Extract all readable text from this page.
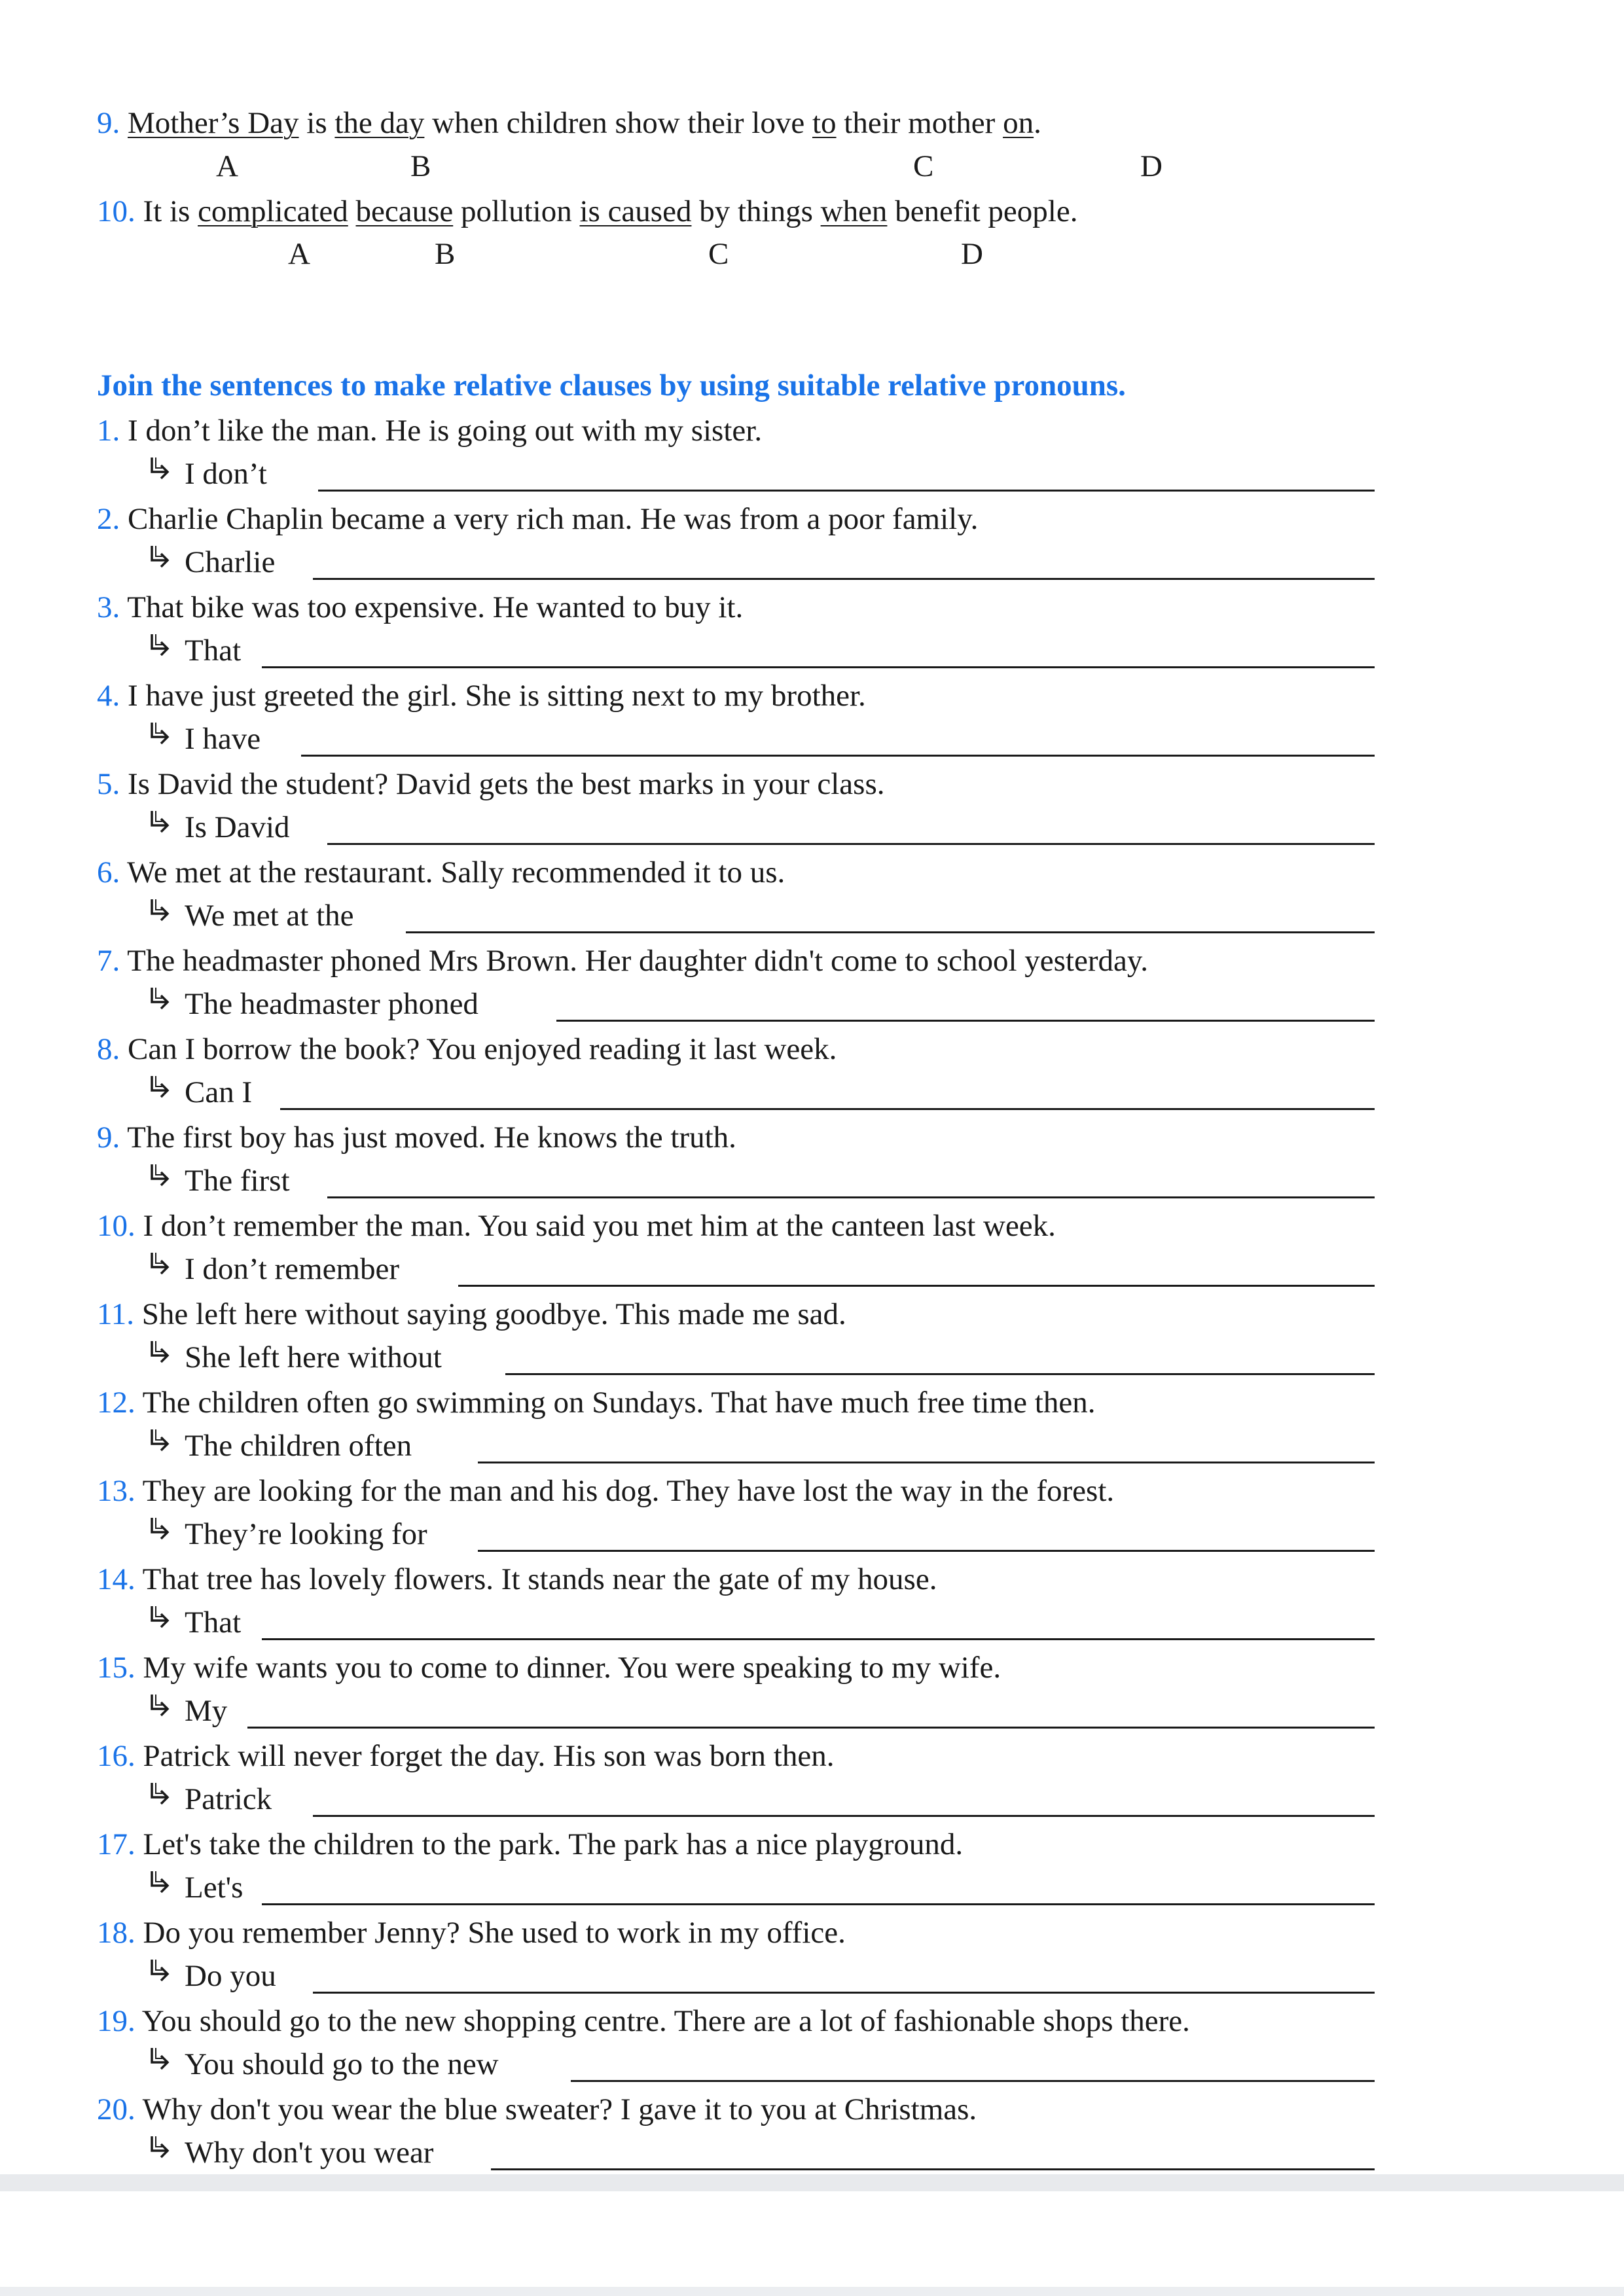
9. Mother’s Day is the day when children show their love to their mother on.
A	B	C	D
10. It is complicated because pollution is caused by things when benefit people.
A	B	C	D
Join the sentences to make relative clauses by using suitable relative pronouns.
1. I don’t like the man. He is going out with my sister.
I don’t
2. Charlie Chaplin became a very rich man. He was from a poor family.
Charlie
3. That bike was too expensive. He wanted to buy it.
That
4. I have just greeted the girl. She is sitting next to my brother.
I have
5. Is David the student? David gets the best marks in your class.
Is David
6. We met at the restaurant. Sally recommended it to us.
We met at the
7. The headmaster phoned Mrs Brown. Her daughter didn't come to school yesterday.
The headmaster phoned
8. Can I borrow the book? You enjoyed reading it last week.
Can I
9. The first boy has just moved. He knows the truth.
The first
10. I don’t remember the man. You said you met him at the canteen last week.
I don’t remember
11. She left here without saying goodbye. This made me sad.
She left here without
12. The children often go swimming on Sundays. That have much free time then.
The children often
13. They are looking for the man and his dog. They have lost the way in the forest.
They’re looking for
14. That tree has lovely flowers. It stands near the gate of my house.
That
15. My wife wants you to come to dinner. You were speaking to my wife.
My
16. Patrick will never forget the day. His son was born then.
Patrick
17. Let's take the children to the park. The park has a nice playground.
Let's
18. Do you remember Jenny? She used to work in my office.
Do you
19. You should go to the new shopping centre. There are a lot of fashionable shops there.
You should go to the new
20. Why don't you wear the blue sweater? I gave it to you at Christmas.
Why don't you wear
